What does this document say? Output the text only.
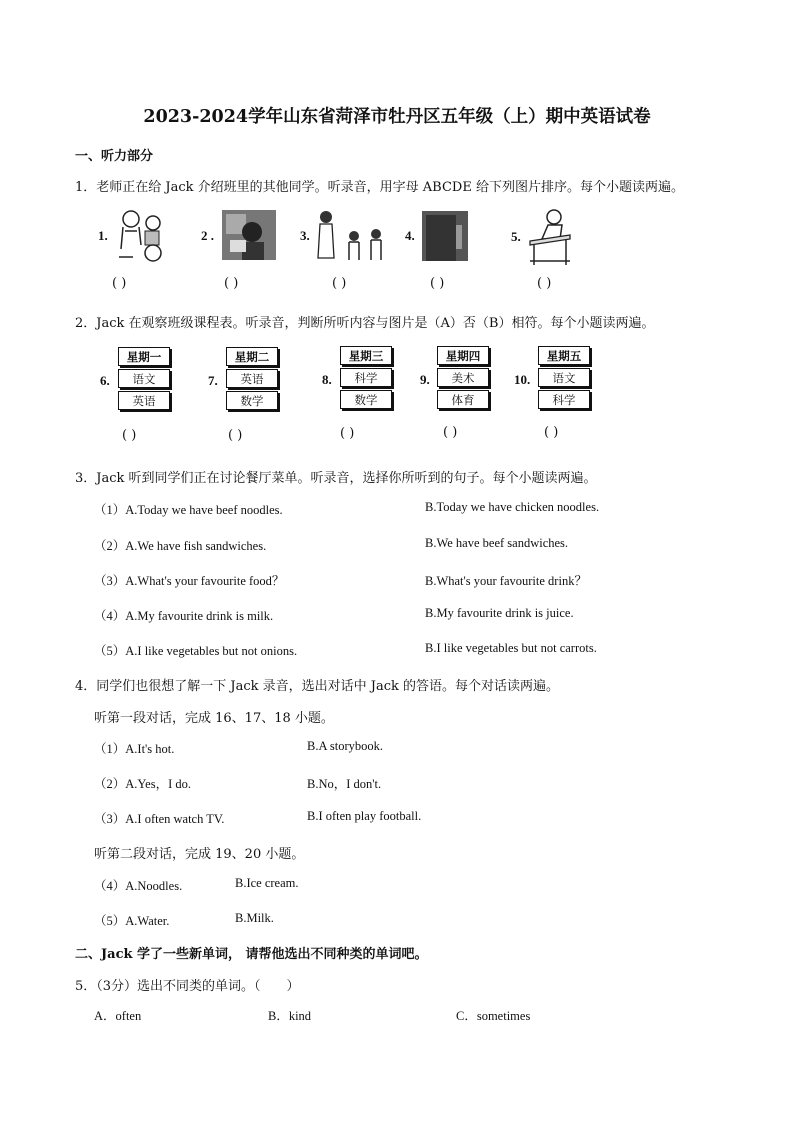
2023-2024学年山东省菏泽市牡丹区五年级（上）期中英语试卷
一、听力部分
1．老师正在给 Jack 介绍班里的其他同学。听录音，用字母 ABCDE 给下列图片排序。每个小题读两遍。
1.
( )
2 .
( )
3.
( )
4.
( )
5.
( )
2．Jack 在观察班级课程表。听录音，判断所听内容与图片是（A）否（B）相符。每个小题读两遍。
6.
星期一
语文
英语
( )
7.
星期二
英语
数学
( )
8.
星期三
科学
数学
( )
9.
星期四
美术
体育
( )
10.
星期五
语文
科学
( )
3．Jack 听到同学们正在讨论餐厅菜单。听录音，选择你所听到的句子。每个小题读两遍。
（1）A.Today we have beef noodles.	B.Today we have chicken noodles.
（2）A.We have fish sandwiches.	B.We have beef sandwiches.
（3）A.What's your favourite food？	B.What's your favourite drink？
（4）A.My favourite drink is milk.	B.My favourite drink is juice.
（5）A.I like vegetables but not onions.	B.I like vegetables but not carrots.
4．同学们也很想了解一下 Jack 录音，选出对话中 Jack 的答语。每个对话读两遍。
听第一段对话，完成 16、17、18 小题。
（1）A.It's hot.	B.A storybook.
（2）A.Yes，I do.	B.No，I don't.
（3）A.I often watch TV.	B.I often play football.
听第二段对话，完成 19、20 小题。
（4）A.Noodles.	B.Ice cream.
（5）A.Water.	B.Milk.
二、Jack 学了一些新单词， 请帮他选出不同种类的单词吧。
5．（3分）选出不同类的单词。（　　）
A．often	B．kind	C．sometimes
